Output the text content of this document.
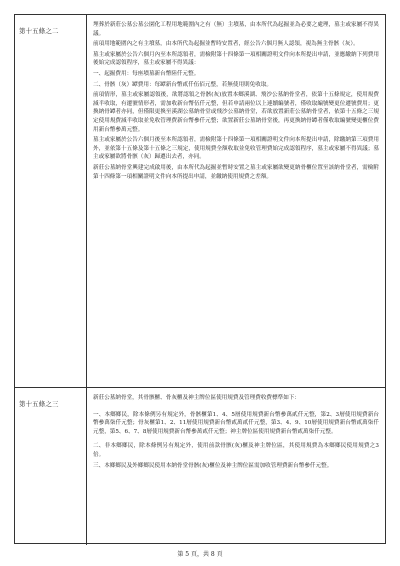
第十五條之二

埋葬於新莊公墓公墓公園化工程用地範圍內之有（無）主墳墓，由本所代為起掘並為必要之處理，墓主或家屬不得異議。

前項用地範圍內之有主墳墓，由本所代為起掘並暫時安置者，經公告六個月無人認領，視為無主骨骸（灰）。

墓主或家屬於公告六個月內至本所認領者，需檢附第十四條第一項相關證明文件向本所提出申請，並應繳納下列費用後始完成認領程序，墓主或家屬不得異議：

一、起掘費用：每座墳墓新台幣陸仟元整。

二、骨骸（灰）罈費用：每罈新台幣貳仟伍佰元整，若無使用則免收取。

前項情形，墓主或家屬認領後，欲將認領之骨骸(灰)放置本鄉溪湖、飛沙公墓納骨堂者，依第十五條規定，使用規費減半收取，有遷號情形者，需加收新台幣伍仟元整，但若申請兩位以上連續編號者，僅收取編號變更位遷號費用；更換納骨罈者亦同，但僅限更換至溪湖公墓納骨堂或飛沙公墓納骨堂，若欲放置新莊公墓納骨堂者，依第十五條之三規定使用規費減半收取並免收管理費新台幣參仟元整；欲置新莊公墓納骨堂後，再更換納骨罈者僅收取編號變更櫃位費用新台幣參萬元整。

墓主或家屬於公告六個月後至本所認領者，需檢附第十四條第一項相關證明文件向本所提出申請，除繳納第三項費用外，並依第十五條及第十五條之三規定，使用規費全額收取並免收管理費始完成認領程序，墓主或家屬不得異議；墓主或家屬欲將骨骸（灰）歸遷出去者，亦同。

新莊公墓納骨堂興建完成啟用後，由本所代為起掘並暫時安置之墓主或家屬欲變更納骨櫃位置至該納骨堂者，需檢附第十四條第一項相關證明文件向本所提出申請，並繳納使用規費之差額。

第十五條之三

新莊公墓納骨堂，其骨骸櫃、骨灰櫃及神主牌位區使用規費及管理費收費標準如下：

一、本鄉鄉民，除本條例另有規定外，骨骸櫃第1、4、5層使用規費新台幣參萬貳仟元整，第2、3層使用規費新台幣參萬柒仟元整；骨灰櫃第1、2、11層使用規費新台幣貳萬貳仟元整，第3、4、9、10層使用規費新台幣貳萬柒仟元整，第5、6、7、8層使用規費新台幣參萬貳仟元整；神主牌位區使用規費新台幣貳萬柒仟元整。

二、非本鄉鄉民，除本條例另有規定外，使用前款骨骸(灰)櫃及神主牌位區，其使用規費為本鄉鄉民使用規費之3倍。

三、本鄉鄉民及外鄉鄉民使用本納骨堂骨骸(灰)櫃位及神主牌位區需加收管理費新台幣參仟元整。

第 5 頁，共 8 頁
